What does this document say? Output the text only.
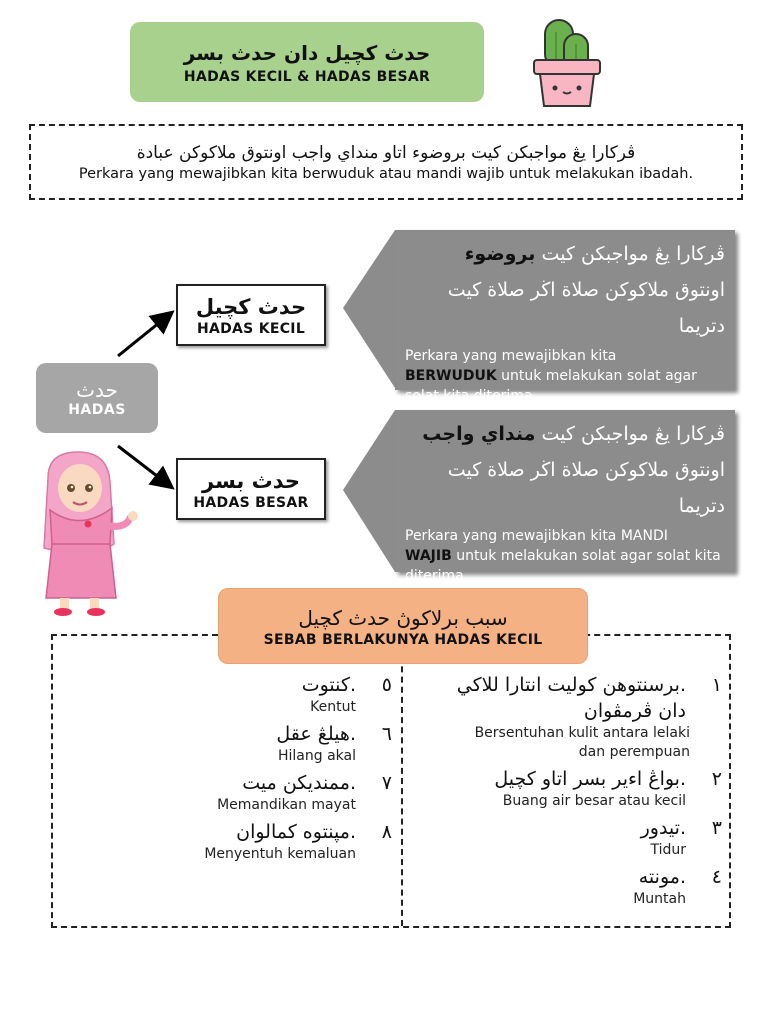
حدث کچيل دان حدث بسر
HADAS KECIL & HADAS BESAR
ڤرکارا يڠ مواجبکن کيت بروضوء اتاو منداي واجب اونتوق ملاکوکن عبادة
Perkara yang mewajibkan kita berwuduk atau mandi wajib untuk melakukan ibadah.
حدث
HADAS
حدث کچيل
HADAS KECIL
حدث بسر
HADAS BESAR
ڤرکارا يڠ مواجبکن کيت بروضوء
اونتوق ملاکوکن صلاة اڬر صلاة کيت دتريما
Perkara yang mewajibkan kita
BERWUDUK untuk melakukan solat agar solat kita diterima
ڤرکارا يڠ مواجبکن کيت منداي واجب
اونتوق ملاکوکن صلاة اڬر صلاة کيت دتريما
Perkara yang mewajibkan kita MANDI
WAJIB untuk melakukan solat agar solat kita diterima
سبب برلاکوڽ حدث کچيل
SEBAB BERLAKUNYA HADAS KECIL
١
.برسنتوهن کوليت انتارا للاکي دان ڤرمڤوان
Bersentuhan kulit antara lelaki dan perempuan
٢
.بواڠ اءير بسر اتاو کچيل
Buang air besar atau kecil
٣
.تيدور
Tidur
٤
.مونته
Muntah
٥
.کنتوت
Kentut
٦
.هيلڠ عقل
Hilang akal
٧
.ممنديکن ميت
Memandikan mayat
٨
.مڽنتوه کمالوان
Menyentuh kemaluan
